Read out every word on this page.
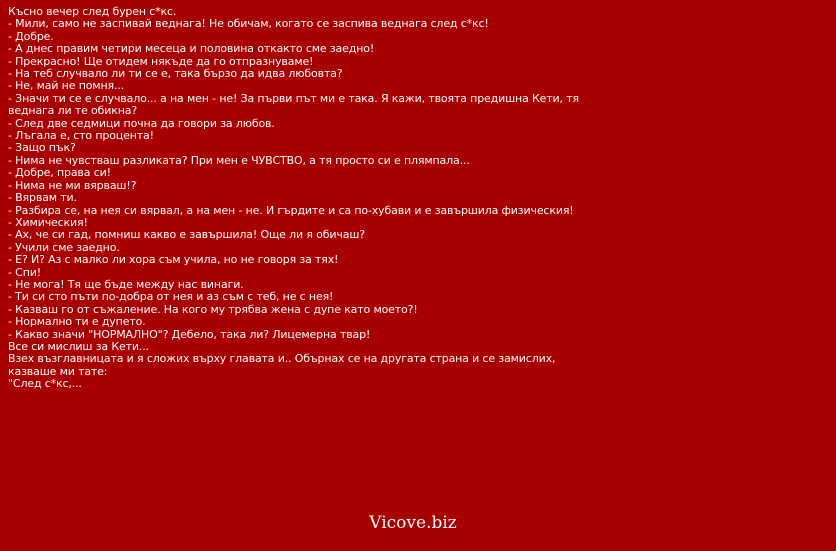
Късно вечер след бурен с*кс.
- Мили, само не заспивай веднага! Не обичам, когато се заспива веднага след с*кс!
- Добре.
- А днес правим четири месеца и половина откакто сме заедно!
- Прекрасно! Ще отидем някъде да го отпразнуваме!
- На теб случвало ли ти се е, така бързо да идва любовта?
- Не, май не помня...
- Значи ти се е случвало... а на мен - не! За първи път ми е така. Я кажи, твоята предишна Кети, тя веднага ли те обикна?
- След две седмици почна да говори за любов.
- Лъгала е, сто процента!
- Защо пък?
- Нима не чувстваш разликата? При мен е ЧУВСТВО, а тя просто си е плямпала...
- Добре, права си!
- Нима не ми вярваш!?
- Вярвам ти.
- Разбира се, на нея си вярвал, а на мен - не. И гърдите и са по-хубави и е завършила физическия!
- Химическия!
- Ах, че си гад, помниш какво е завършила! Още ли я обичаш?
- Учили сме заедно.
- Е? И? Аз с малко ли хора съм учила, но не говоря за тях!
- Спи!
- Не мога! Тя ще бъде между нас винаги.
- Ти си сто пъти по-добра от нея и аз съм с теб, не с нея!
- Казваш го от съжаление. На кого му трябва жена с дупе като моето?!
- Нормално ти е дупето.
- Какво значи "НОРМАЛНО"? Дебело, така ли? Лицемерна твар!
Все си мислиш за Кети...
Взех възглавницата и я сложих върху главата и.. Обърнах се на другата страна и се замислих, казваше ми тате:
"След с*кс,...
Vicove.biz
